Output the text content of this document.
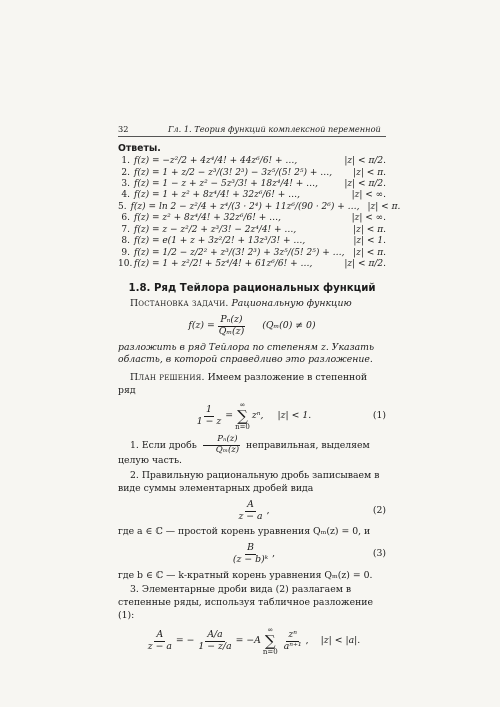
32	Гл. 1. Теория функций комплексной переменной
Ответы.
1. f(z) = −z²/2 + 4z⁴/4! + 44z⁶/6! + …,	|z| < π/2.
2. f(z) = 1 + z/2 − z³/(3! 2³) − 3z⁵/(5! 2⁵) + …,	|z| < π.
3. f(z) = 1 − z + z² − 5z³/3! + 18z⁴/4! + …,	|z| < π/2.
4. f(z) = 1 + z² + 8z⁴/4! + 32z⁶/6! + …,	|z| < ∞.
5. f(z) = ln 2 − z²/4 + z⁴/(3 · 2⁴) + 11z⁶/(90 · 2⁶) + …, |z| < π.
6. f(z) = z² + 8z⁴/4! + 32z⁶/6! + …,	|z| < ∞.
7. f(z) = z − z²/2 + z³/3! − 2z⁴/4! + …,	|z| < π.
8. f(z) = e(1 + z + 3z²/2! + 13z³/3! + …,	|z| < 1.
9. f(z) = 1/2 − z/2² + z³/(3! 2³) + 3z⁵/(5! 2⁵) + …, |z| < π.
10. f(z) = 1 + z²/2! + 5z⁴/4! + 61z⁶/6! + …,	|z| < π/2.
1.8. Ряд Тейлора рациональных функций
Постановка задачи. Рациональную функцию
$f(z) = \frac{\text{Pₙ(z)}}{\text{Qₘ(z)}} (Q_m(0) \ne 0)$
разложить в ряд Тейлора по степеням z. Указать область, в которой справедливо это разложение.
План решения. Имеем разложение в степенной ряд
$\frac{1}{1 - z}$ =
∞
∑
n=0
zⁿ, |z| < 1.	(1)
1. Если дробь $\frac{\text{Pₙ(z)}}{\text{Qₘ(z)}}$ неправильная, выделяем целую часть.
2. Правильную рациональную дробь записываем в виде суммы элементарных дробей вида
$\frac{A}{z - a}$ ,	(2)
где a ∈ ℂ — простой корень уравнения Qₘ(z) = 0, и
$\frac{B}{\text{(z − b)ᵏ}}$ ,	(3)
где b ∈ ℂ — k-кратный корень уравнения Qₘ(z) = 0.
3. Элементарные дроби вида (2) разлагаем в степенные ряды, используя табличное разложение (1):
$\frac{A}{z - a}$ = − $\frac{A/a}{1 - z/a} = -A$
∞
∑
$n=0 \frac{\text{zⁿ}}{\text{aⁿ⁺¹}}$ , |z| < |a|.
